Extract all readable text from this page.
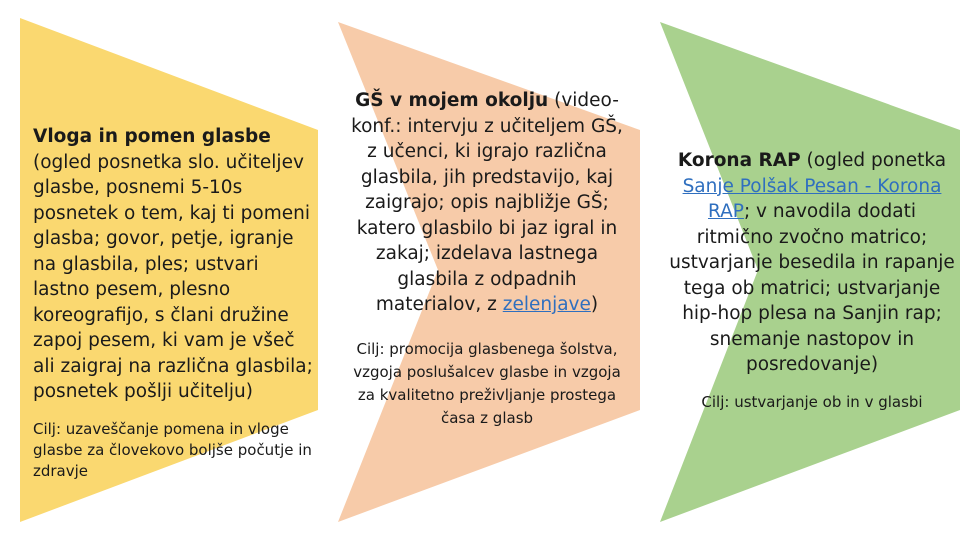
Vloga in pomen glasbe (ogled posnetka slo. učiteljev glasbe, posnemi 5-10s posnetek o tem, kaj ti pomeni glasba; govor, petje, igranje na glasbila, ples; ustvari lastno pesem, plesno koreografijo, s člani družine zapoj pesem, ki vam je všeč ali zaigraj na različna glasbila; posnetek pošlji učitelju)
Cilj: uzaveščanje pomena in vloge glasbe za človekovo boljše počutje in zdravje
GŠ v mojem okolju (video-konf.: intervju z učiteljem GŠ, z učenci, ki igrajo različna glasbila, jih predstavijo, kaj zaigrajo; opis najbližje GŠ; katero glasbilo bi jaz igral in zakaj; izdelava lastnega glasbila z odpadnih materialov, z zelenjave)
Cilj: promocija glasbenega šolstva, vzgoja poslušalcev glasbe in vzgoja za kvalitetno preživljanje prostega časa z glasb
Korona RAP (ogled ponetka Sanje Polšak Pesan - Korona RAP; v navodila dodati ritmično zvočno matrico; ustvarjanje besedila in rapanje tega ob matrici; ustvarjanje hip-hop plesa na Sanjin rap; snemanje nastopov in posredovanje)
Cilj: ustvarjanje ob in v glasbi
